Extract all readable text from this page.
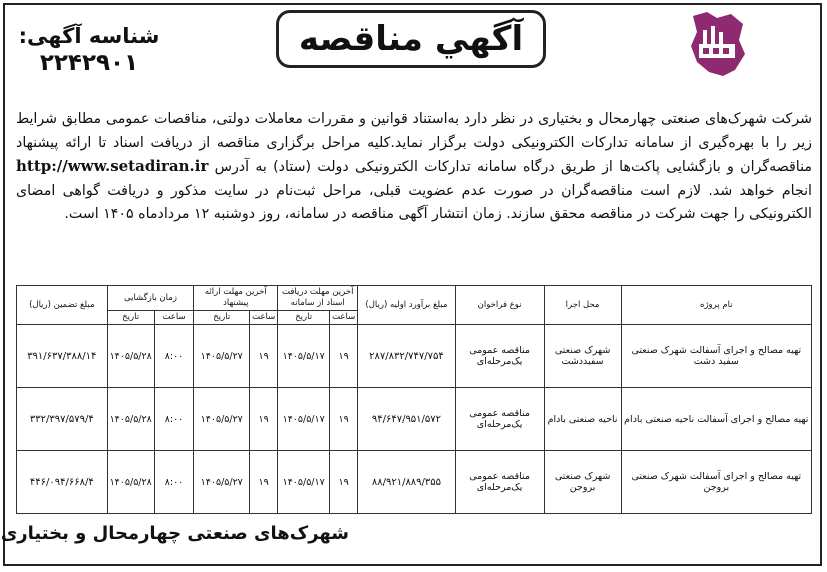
آگهي مناقصه
شناسه آگهی:
۲۲۴۲۹۰۱
شرکت شهرک‌های صنعتی چهارمحال و بختیاری در نظر دارد به‌استناد قوانین و مقررات معاملات دولتی، مناقصات عمومی مطابق شرایط زیر را با بهره‌گیری از سامانه تدارکات الکترونیکی دولت برگزار نماید.کلیه مراحل برگزاری مناقصه از دریافت اسناد تا ارائه پیشنهاد مناقصه‌گران و بازگشایی پاکت‌ها از طریق درگاه سامانه تدارکات الکترونیکی دولت (ستاد) به آدرس http://www.setadiran.ir انجام خواهد شد. لازم است مناقصه‌گران در صورت عدم عضویت قبلی، مراحل ثبت‌نام در سایت مذکور و دریافت گواهی امضای الکترونیکی را جهت شرکت در مناقصه محقق سازند. زمان انتشار آگهی مناقصه در سامانه، روز دوشنبه ۱۲ مردادماه ۱۴۰۵ است.
نام پروژه	محل اجرا	نوع فراخوان	مبلغ برآورد اولیه (ریال)	آخرین مهلت دریافت اسناد از سامانه		آخرین مهلت ارائه پیشنهاد		زمان بازگشایی		مبلغ تضمین (ریال)
				ساعت	تاریخ	ساعت	تاریخ	ساعت	تاریخ	
تهیه مصالح و اجرای آسفالت شهرک صنعتی سفید دشت	شهرک صنعتی سفیددشت	مناقصه عمومی یک‌مرحله‌ای	۲۸۷/۸۳۲/۷۴۷/۷۵۴	۱۹	۱۴۰۵/۵/۱۷	۱۹	۱۴۰۵/۵/۲۷	۸:۰۰	۱۴۰۵/۵/۲۸	۳۹۱/۶۳۷/۳۸۸/۱۴
تهیه مصالح و اجرای آسفالت ناحیه صنعتی بادام	ناحیه صنعتی بادام	مناقصه عمومی یک‌مرحله‌ای	۹۴/۶۴۷/۹۵۱/۵۷۲	۱۹	۱۴۰۵/۵/۱۷	۱۹	۱۴۰۵/۵/۲۷	۸:۰۰	۱۴۰۵/۵/۲۸	۳۳۲/۳۹۷/۵۷۹/۴
تهیه مصالح و اجرای آسفالت شهرک صنعتی بروجن	شهرک صنعتی بروجن	مناقصه عمومی یک‌مرحله‌ای	۸۸/۹۲۱/۸۸۹/۳۵۵	۱۹	۱۴۰۵/۵/۱۷	۱۹	۱۴۰۵/۵/۲۷	۸:۰۰	۱۴۰۵/۵/۲۸	۴۴۶/۰۹۴/۶۶۸/۴
شهرک‌های صنعتی چهارمحال و بختیاری
